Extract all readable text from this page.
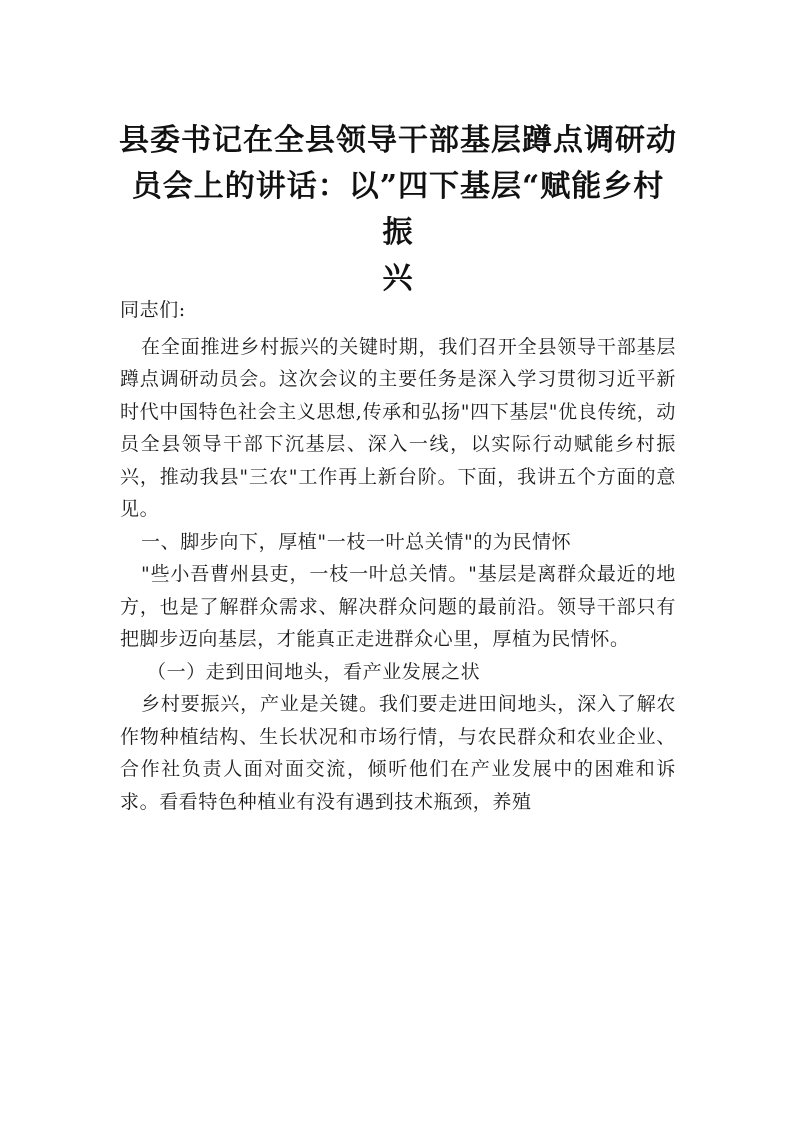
县委书记在全县领导干部基层蹲点调研动
员会上的讲话：以”四下基层“赋能乡村振
兴

同志们:

在全面推进乡村振兴的关键时期，我们召开全县领导干部基层蹲点调研动员会。这次会议的主要任务是深入学习贯彻习近平新时代中国特色社会主义思想,传承和弘扬"四下基层"优良传统，动员全县领导干部下沉基层、深入一线，以实际行动赋能乡村振兴，推动我县"三农"工作再上新台阶。下面，我讲五个方面的意见。

一、脚步向下，厚植"一枝一叶总关情"的为民情怀

"些小吾曹州县吏，一枝一叶总关情。"基层是离群众最近的地方，也是了解群众需求、解决群众问题的最前沿。领导干部只有把脚步迈向基层，才能真正走进群众心里，厚植为民情怀。

（一）走到田间地头，看产业发展之状

乡村要振兴，产业是关键。我们要走进田间地头，深入了解农作物种植结构、生长状况和市场行情，与农民群众和农业企业、合作社负责人面对面交流，倾听他们在产业发展中的困难和诉求。看看特色种植业有没有遇到技术瓶颈，养殖
